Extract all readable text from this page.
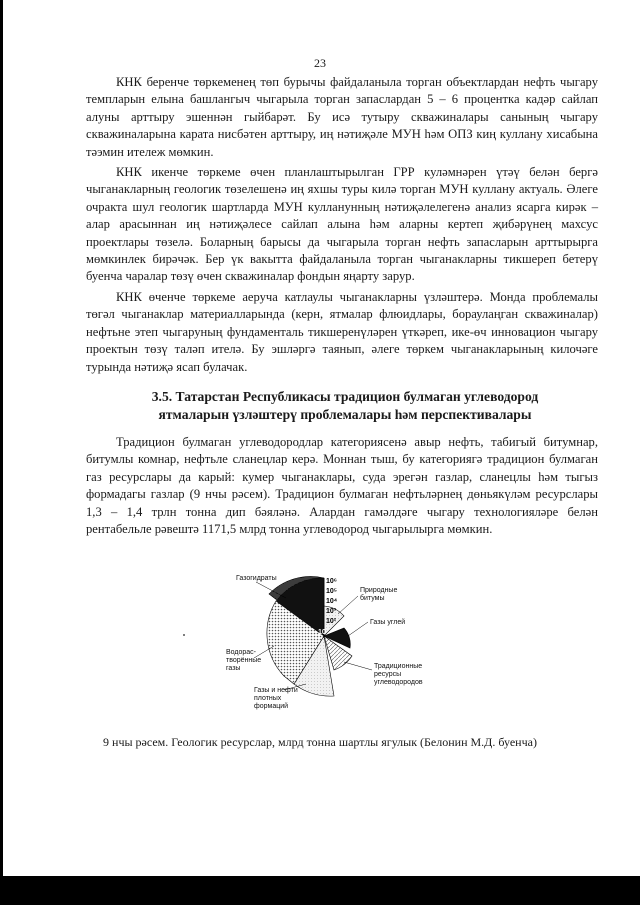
23

КНК беренче төркеменең төп бурычы файдаланыла торган объектлардан нефть чыгару темпларын елына башлангыч чыгарыла торган запаслардан 5 – 6 процентка кадәр сайлап алуны арттыру эшеннән гыйбарәт. Бу исә тутыру скважиналары санының чыгару скважиналарына карата нисбәтен арттыру, иң нәтиҗәле МУН һәм ОПЗ киң куллану хисабына тәэмин итележ мөмкин.

КНК икенче төркеме өчен планлаштырылган ГРР куләмнәрен үтәү белән бергә чыганакларның геологик төзелешенә иң яхшы туры килә торган МУН куллану актуаль. Әлеге очракта шул геологик шартларда МУН кулланунның нәтиҗәлелегенә анализ ясарга кирәк – алар арасыннан иң нәтиҗәлесе сайлап алына һәм аларны кертеп җибәрүнең махсус проектлары төзелә. Боларның барысы да чыгарыла торган нефть запасларын арттырырга мөмкинлек бирәчәк. Бер үк вакытта файдаланыла торган чыганакларны тикшереп бетерү буенча чаралар төзү өчен скважиналар фондын яңарту зарур.

КНК өченче төркеме аеруча катлаулы чыганакларны үзләштерә. Монда проблемалы төгәл чыганаклар материалларында (керн, ятмалар флюидлары, бораулаңган скважиналар) нефтьне этеп чыгаруның фундаменталь тикшеренүләрен үткәреп, ике-өч инновацион чыгару проектын төзү таләп ителә. Бу эшләргә таянып, әлеге төркем чыганакларының килочәге турында нәтиҗә ясап булачак.

3.5. Татарстан Республикасы традицион булмаган углеводород
ятмаларын үзләштерү проблемалары һәм перспективалары

Традицион булмаган углеводородлар категориясенә авыр нефть, табигый битумнар, битумлы комнар, нефтьле сланецлар керә. Моннан тыш, бу категориягә традицион булмаган газ ресурслары да карый: кумер чыганаклары, суда эрегән газлар, сланецлы һәм тыгыз формадагы газлар (9 нчы рәсем). Традицион булмаган нефтьләрнең дөньякүләм ресурслары 1,3 – 1,4 трлн тонна дип бәяләнә. Алардан гамәлдәге чыгару технологияләре белән рентабельле рәвештә 1171,5 млрд тонна углеводород чыгарылырга мөмкин.

10⁶
10⁵
10⁴
10³
10²
10
Газогидраты
Природные
битумы
Газы углей
Традиционные
ресурсы
углеводородов
Водорас-
творённые
газы
Газы и нефти
плотных
формаций
9 нчы рәсем. Геологик ресурслар, млрд тонна шартлы ягулык (Белонин М.Д. буенча)
